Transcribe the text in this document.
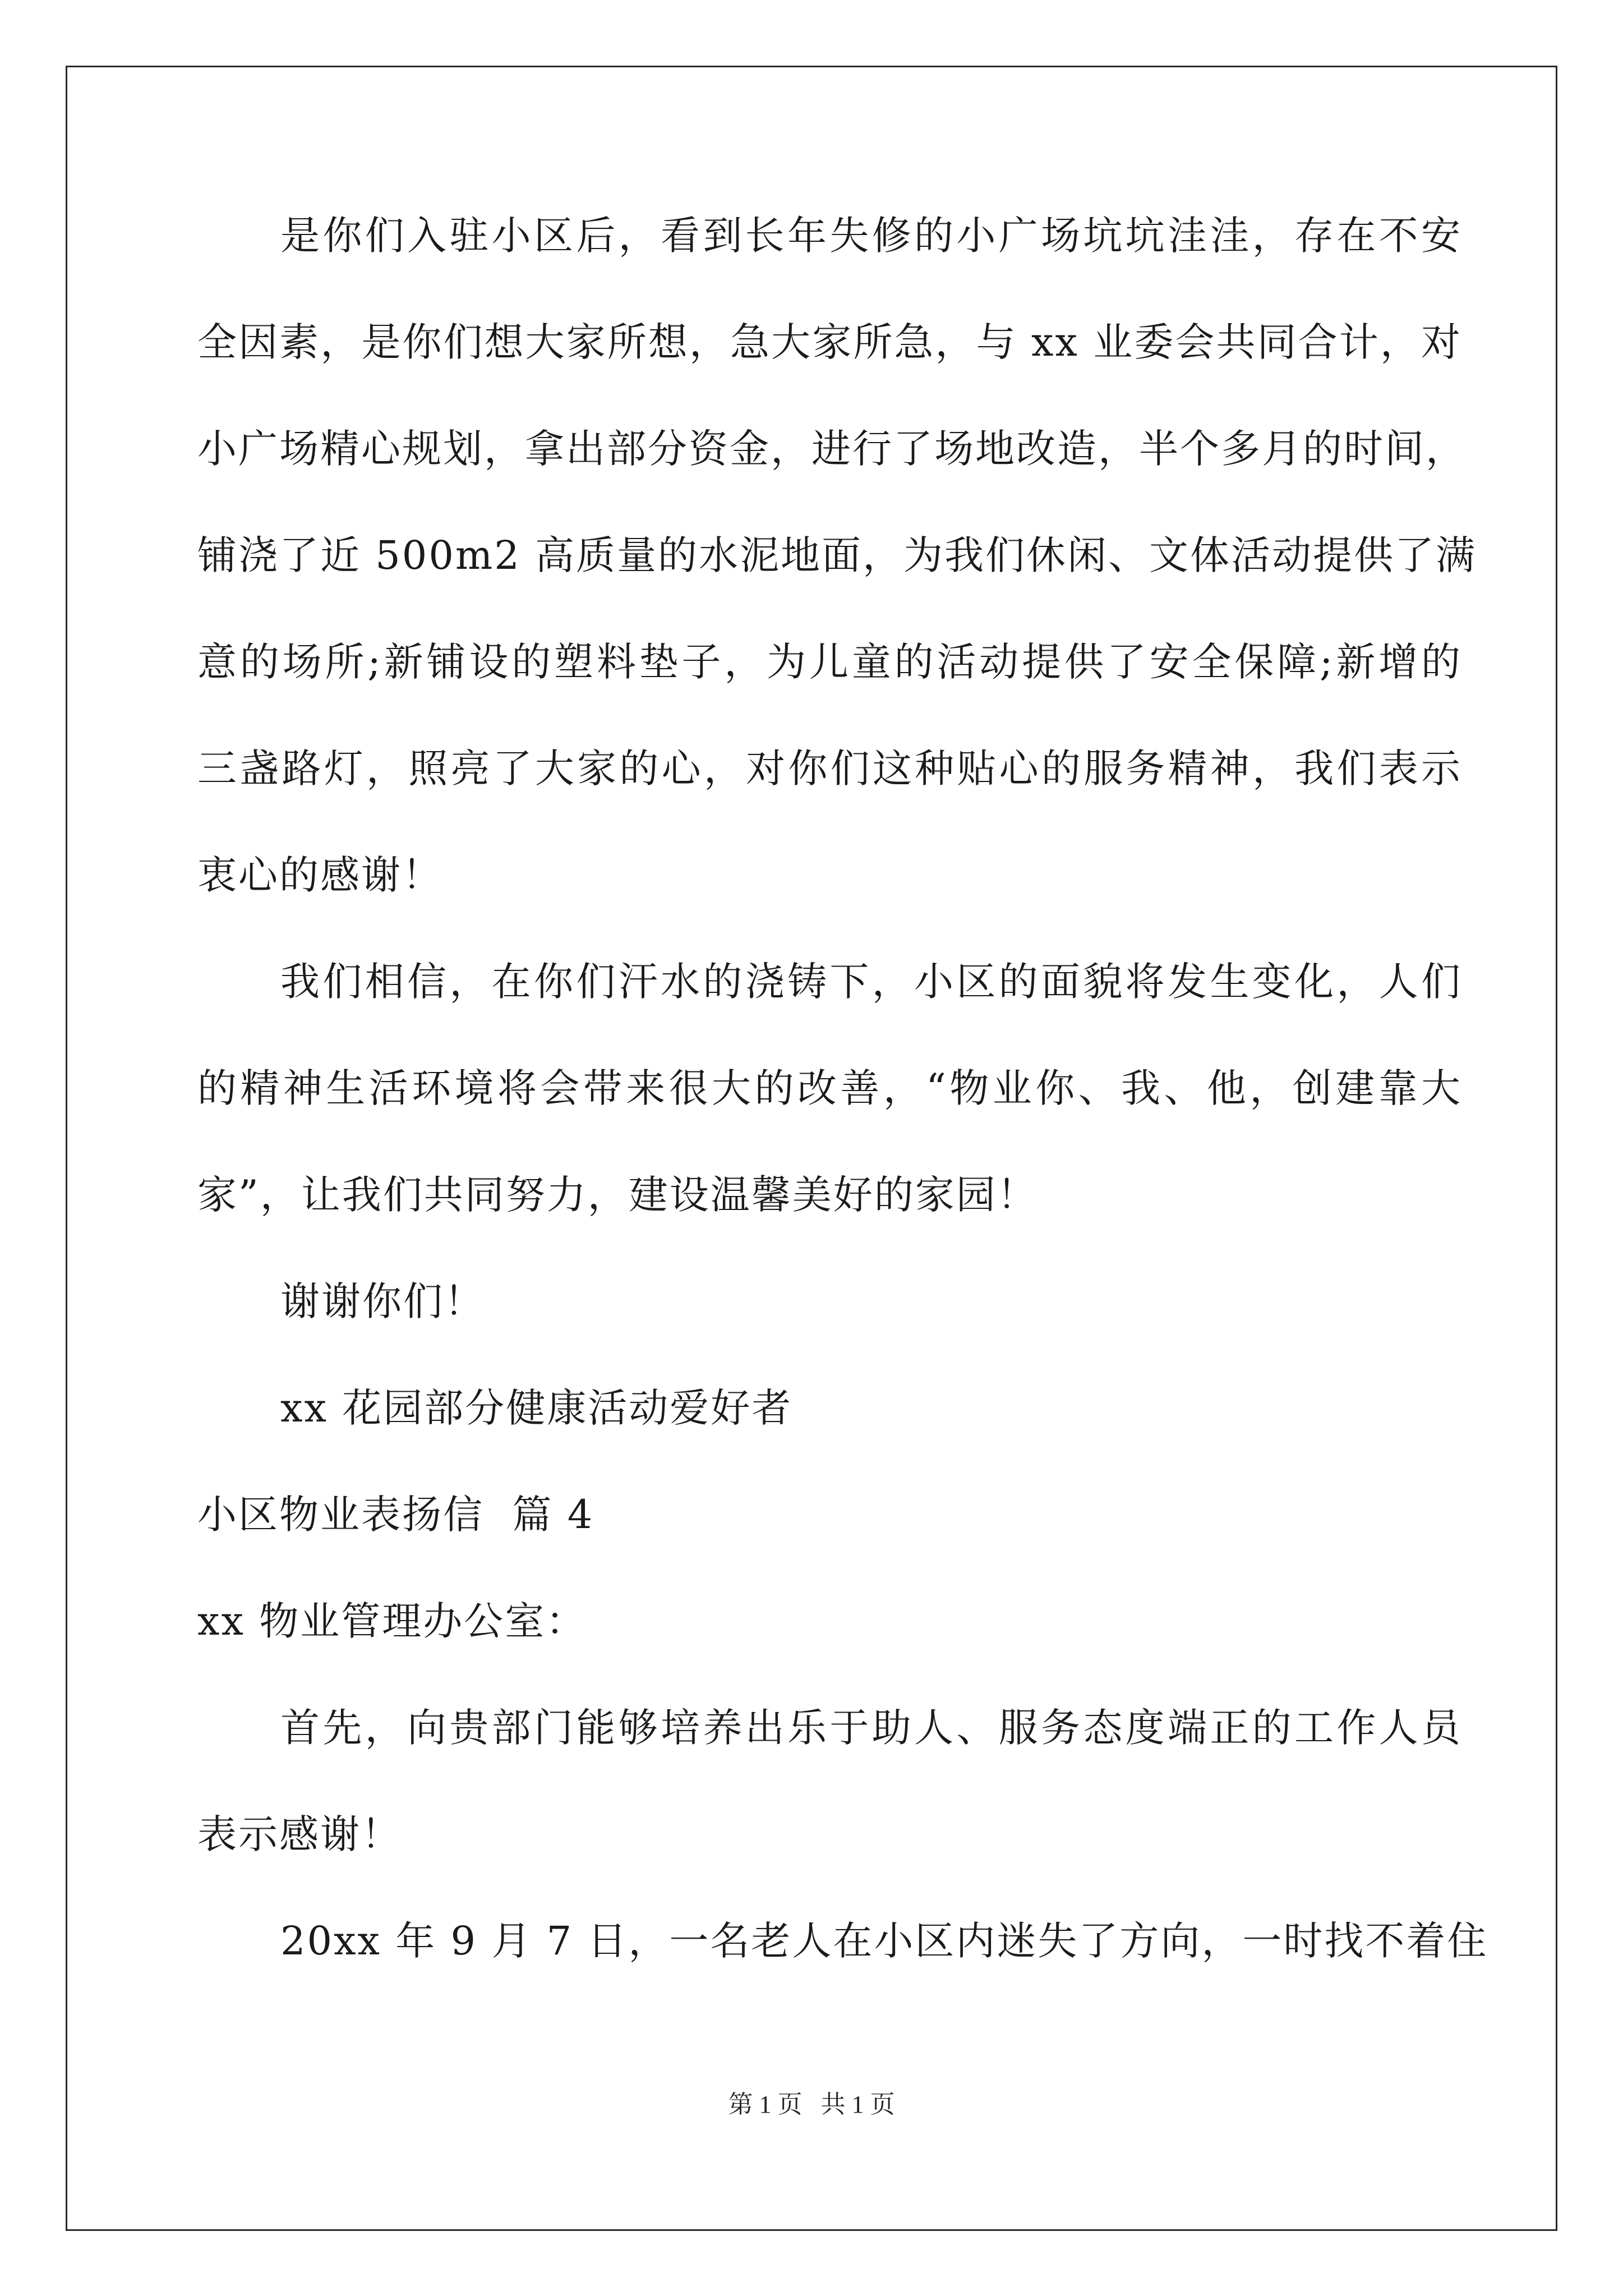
是你们入驻小区后，看到长年失修的小广场坑坑洼洼，存在不安
全因素，是你们想大家所想，急大家所急，与 xx 业委会共同合计，对
小广场精心规划，拿出部分资金，进行了场地改造，半个多月的时间，
铺浇了近 500m2 高质量的水泥地面，为我们休闲、文体活动提供了满
意的场所;新铺设的塑料垫子，为儿童的活动提供了安全保障;新增的
三盏路灯，照亮了大家的心，对你们这种贴心的服务精神，我们表示
衷心的感谢！
我们相信，在你们汗水的浇铸下，小区的面貌将发生变化，人们
的精神生活环境将会带来很大的改善，“物业你、我、他，创建靠大
家”，让我们共同努力，建设温馨美好的家园！
谢谢你们！
xx 花园部分健康活动爱好者
小区物业表扬信  篇 4
xx 物业管理办公室：
首先，向贵部门能够培养出乐于助人、服务态度端正的工作人员
表示感谢！
20xx 年 9 月 7 日，一名老人在小区内迷失了方向，一时找不着住
第 1 页   共 1 页
